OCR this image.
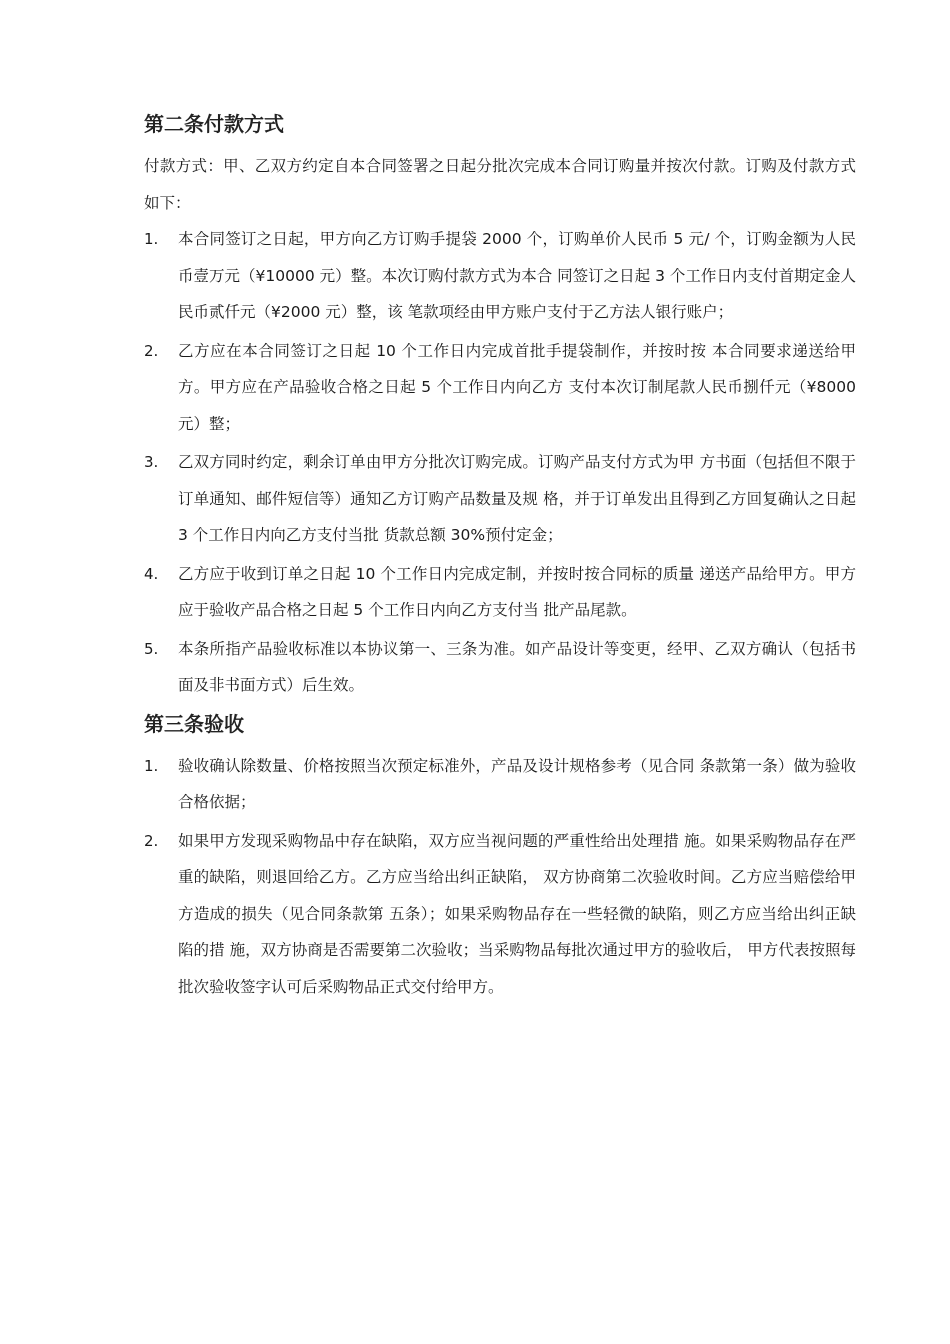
第二条付款方式

付款方式：甲、乙双方约定自本合同签署之日起分批次完成本合同订购量并按次付款。订购及付款方式如下：

1.	本合同签订之日起，甲方向乙方订购手提袋 2000 个，订购单价人民币 5 元/ 个，订购金额为人民币壹万元（¥10000 元）整。本次订购付款方式为本合 同签订之日起 3 个工作日内支付首期定金人民币贰仟元（¥2000 元）整，该 笔款项经由甲方账户支付于乙方法人银行账户；
2.	乙方应在本合同签订之日起 10 个工作日内完成首批手提袋制作，并按时按 本合同要求递送给甲方。甲方应在产品验收合格之日起 5 个工作日内向乙方 支付本次订制尾款人民币捌仟元（¥8000 元）整；
3.	乙双方同时约定，剩余订单由甲方分批次订购完成。订购产品支付方式为甲 方书面（包括但不限于订单通知、邮件短信等）通知乙方订购产品数量及规 格，并于订单发出且得到乙方回复确认之日起 3 个工作日内向乙方支付当批 货款总额 30%预付定金；
4.	乙方应于收到订单之日起 10 个工作日内完成定制，并按时按合同标的质量 递送产品给甲方。甲方应于验收产品合格之日起 5 个工作日内向乙方支付当 批产品尾款。
5.	本条所指产品验收标准以本协议第一、三条为准。如产品设计等变更，经甲、乙双方确认（包括书面及非书面方式）后生效。
第三条验收
1.	验收确认除数量、价格按照当次预定标准外，产品及设计规格参考（见合同 条款第一条）做为验收合格依据；
2.	如果甲方发现采购物品中存在缺陷，双方应当视问题的严重性给出处理措 施。如果采购物品存在严重的缺陷，则退回给乙方。乙方应当给出纠正缺陷， 双方协商第二次验收时间。乙方应当赔偿给甲方造成的损失（见合同条款第 五条）；如果采购物品存在一些轻微的缺陷，则乙方应当给出纠正缺陷的措 施，双方协商是否需要第二次验收；当采购物品每批次通过甲方的验收后， 甲方代表按照每批次验收签字认可后采购物品正式交付给甲方。
